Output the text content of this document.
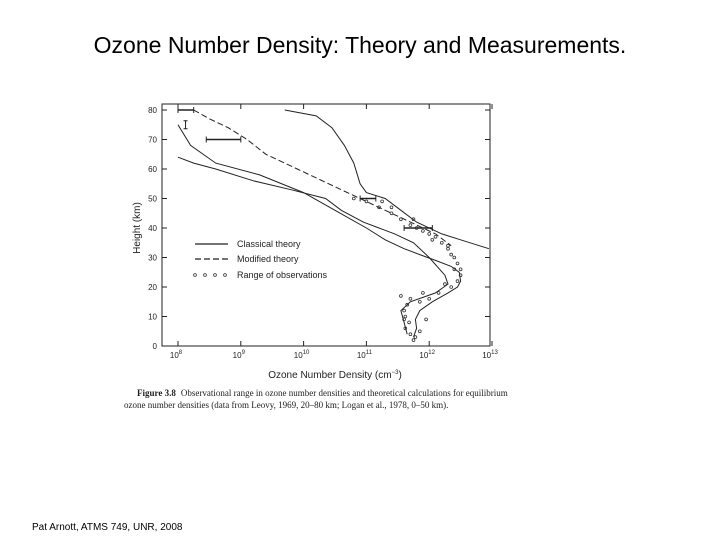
Ozone Number Density: Theory and Measurements.
0
10
20
30
40
50
60
70
80
$10^8$	$10^9$	$10^{10}$	$10^{11}$	$10^{12}$	$10^{13}$
Classical theory
Modified theory
Range of observations
Height (km)
Ozone Number Density $(cm^{-3})$
Figure 3.8 Observational range in ozone number densities and theoretical calculations for equilibrium
ozone number densities (data from Leovy, 1969, 20–80 km; Logan et al., 1978, 0–50 km).
Pat Arnott, ATMS 749, UNR, 2008
